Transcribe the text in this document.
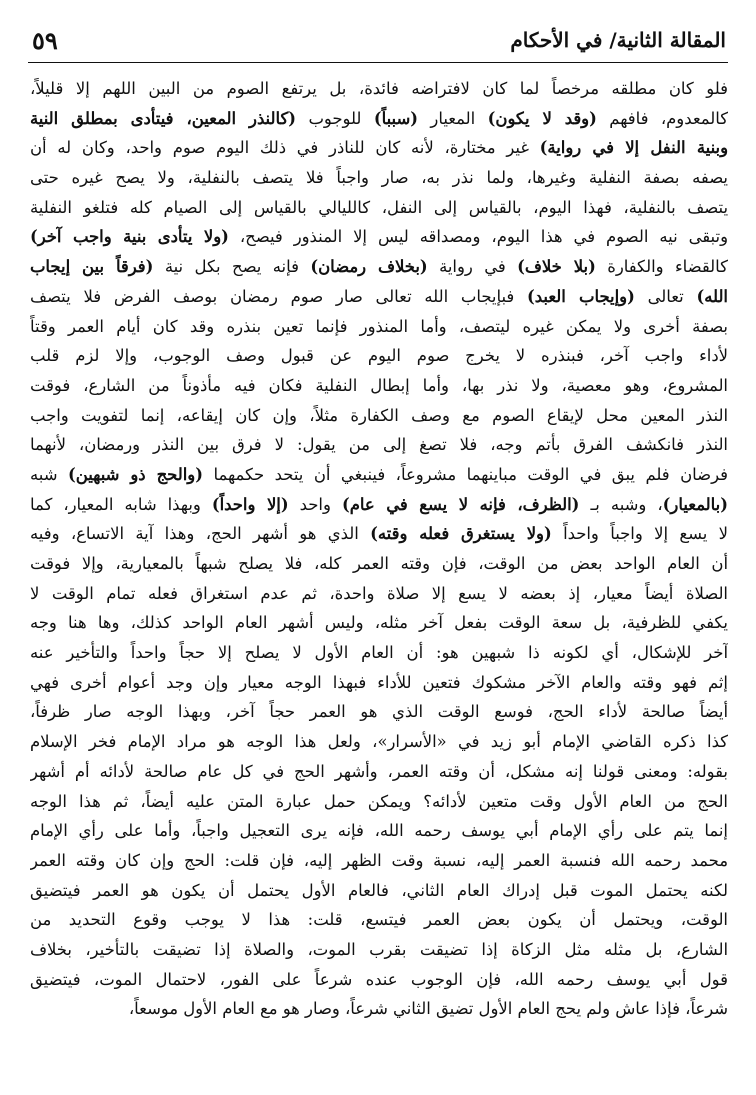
المقالة الثانية/ في الأحكام
٥٩
فلو كان مطلقه مرخصاً لما كان لافتراضه فائدة، بل يرتفع الصوم من البين اللهم إلا قليلاً،
كالمعدوم، فافهم (وقد لا يكون) المعيار (سبباً) للوجوب (كالنذر المعين، فيتأدى بمطلق النية
وبنية النفل إلا في رواية) غير مختارة، لأنه كان للناذر في ذلك اليوم صوم واحد، وكان له أن
يصفه بصفة النفلية وغيرها، ولما نذر به، صار واجباً فلا يتصف بالنفلية، ولا يصح غيره حتى
يتصف بالنفلية، فهذا اليوم، بالقياس إلى النفل، كالليالي بالقياس إلى الصيام كله فتلغو النفلية
وتبقى نيه الصوم في هذا اليوم، ومصداقه ليس إلا المنذور فيصح، (ولا يتأدى بنية واجب آخر)
كالقضاء والكفارة (بلا خلاف) في رواية (بخلاف رمضان) فإنه يصح بكل نية (فرقاً بين إيجاب
الله) تعالى (وإيجاب العبد) فبإيجاب الله تعالى صار صوم رمضان بوصف الفرض فلا يتصف
بصفة أخرى ولا يمكن غيره ليتصف، وأما المنذور فإنما تعين بنذره وقد كان أيام العمر وقتاً
لأداء واجب آخر، فبنذره لا يخرج صوم اليوم عن قبول وصف الوجوب، وإلا لزم قلب
المشروع، وهو معصية، ولا نذر بها، وأما إبطال النفلية فكان فيه مأذوناً من الشارع، فوقت
النذر المعين محل لإيقاع الصوم مع وصف الكفارة مثلاً، وإن كان إيقاعه، إنما لتفويت واجب
النذر فانكشف الفرق بأتم وجه، فلا تصغ إلى من يقول: لا فرق بين النذر ورمضان، لأنهما
فرضان فلم يبق في الوقت مباينهما مشروعاً، فينبغي أن يتحد حكمهما (والحج ذو شبهين) شبه
(بالمعيار)، وشبه بـ (الظرف، فإنه لا يسع في عام) واحد (إلا واحداً) وبهذا شابه المعيار، كما
لا يسع إلا واجباً واحداً (ولا يستغرق فعله وقته) الذي هو أشهر الحج، وهذا آية الاتساع، وفيه
أن العام الواحد بعض من الوقت، فإن وقته العمر كله، فلا يصلح شبهاً بالمعيارية، وإلا فوقت
الصلاة أيضاً معيار، إذ بعضه لا يسع إلا صلاة واحدة، ثم عدم استغراق فعله تمام الوقت لا
يكفي للظرفية، بل سعة الوقت بفعل آخر مثله، وليس أشهر العام الواحد كذلك، وها هنا وجه
آخر للإشكال، أي لكونه ذا شبهين هو: أن العام الأول لا يصلح إلا حجاً واحداً والتأخير عنه
إثم فهو وقته والعام الآخر مشكوك فتعين للأداء فبهذا الوجه معيار وإن وجد أعوام أخرى فهي
أيضاً صالحة لأداء الحج، فوسع الوقت الذي هو العمر حجاً آخر، وبهذا الوجه صار ظرفاً،
كذا ذكره القاضي الإمام أبو زيد في «الأسرار»، ولعل هذا الوجه هو مراد الإمام فخر الإسلام
بقوله: ومعنى قولنا إنه مشكل، أن وقته العمر، وأشهر الحج في كل عام صالحة لأدائه أم أشهر
الحج من العام الأول وقت متعين لأدائه؟ ويمكن حمل عبارة المتن عليه أيضاً، ثم هذا الوجه
إنما يتم على رأي الإمام أبي يوسف رحمه الله، فإنه يرى التعجيل واجباً، وأما على رأي الإمام
محمد رحمه الله فنسبة العمر إليه، نسبة وقت الظهر إليه، فإن قلت: الحج وإن كان وقته العمر
لكنه يحتمل الموت قبل إدراك العام الثاني، فالعام الأول يحتمل أن يكون هو العمر فيتضيق
الوقت، ويحتمل أن يكون بعض العمر فيتسع، قلت: هذا لا يوجب وقوع التحديد من
الشارع، بل مثله مثل الزكاة إذا تضيقت بقرب الموت، والصلاة إذا تضيقت بالتأخير، بخلاف
قول أبي يوسف رحمه الله، فإن الوجوب عنده شرعاً على الفور، لاحتمال الموت، فيتضيق
شرعاً، فإذا عاش ولم يحج العام الأول تضيق الثاني شرعاً، وصار هو مع العام الأول موسعاً،
